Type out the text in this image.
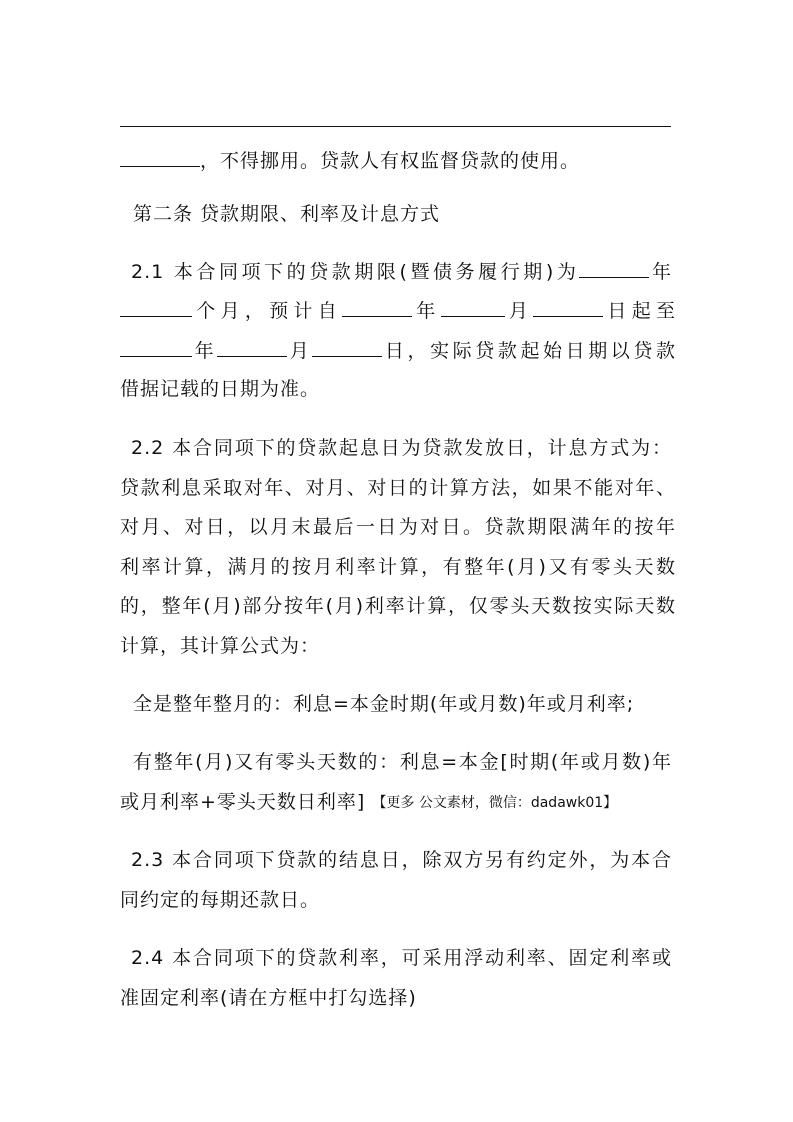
，不得挪用。贷款人有权监督贷款的使用。
第二条 贷款期限、利率及计息方式
2.1 本合同项下的贷款期限(暨债务履行期)为	年
个月，预计自	年	月	日起至
年	月	日，实际贷款起始日期以贷款
借据记载的日期为准。
2.2 本合同项下的贷款起息日为贷款发放日，计息方式为：
贷款利息采取对年、对月、对日的计算方法，如果不能对年、
对月、对日，以月末最后一日为对日。贷款期限满年的按年
利率计算，满月的按月利率计算，有整年(月)又有零头天数
的，整年(月)部分按年(月)利率计算，仅零头天数按实际天数
计算，其计算公式为：
全是整年整月的：利息=本金时期(年或月数)年或月利率;
有整年(月)又有零头天数的：利息=本金[时期(年或月数)年
或月利率+零头天数日利率] 【更多 公文素材，微信：dadawk01】
2.3 本合同项下贷款的结息日，除双方另有约定外，为本合
同约定的每期还款日。
2.4 本合同项下的贷款利率，可采用浮动利率、固定利率或
准固定利率(请在方框中打勾选择)
